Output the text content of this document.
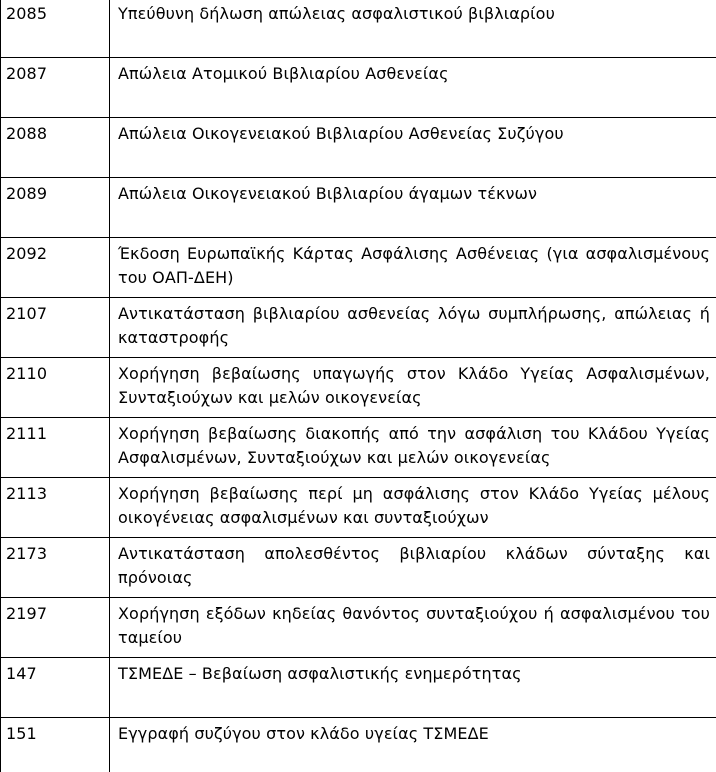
2085	Υπεύθυνη δήλωση απώλειας ασφαλιστικού βιβλιαρίου
2087	Απώλεια Ατομικού Βιβλιαρίου Ασθενείας
2088	Απώλεια Οικογενειακού Βιβλιαρίου Ασθενείας Συζύγου
2089	Απώλεια Οικογενειακού Βιβλιαρίου άγαμων τέκνων
2092	Έκδοση Ευρωπαϊκής Κάρτας Ασφάλισης Ασθένειας (για ασφαλισμένους του ΟΑΠ-ΔΕΗ)
2107	Αντικατάσταση βιβλιαρίου ασθενείας λόγω συμπλήρωσης, απώλειας ή καταστροφής
2110	Χορήγηση βεβαίωσης υπαγωγής στον Κλάδο Υγείας Ασφαλισμένων, Συνταξιούχων και μελών οικογενείας
2111	Χορήγηση βεβαίωσης διακοπής από την ασφάλιση του Κλάδου Υγείας Ασφαλισμένων, Συνταξιούχων και μελών οικογενείας
2113	Χορήγηση βεβαίωσης περί μη ασφάλισης στον Κλάδο Υγείας μέλους οικογένειας ασφαλισμένων και συνταξιούχων
2173	Αντικατάσταση απολεσθέντος βιβλιαρίου κλάδων σύνταξης και πρόνοιας
2197	Χορήγηση εξόδων κηδείας θανόντος συνταξιούχου ή ασφαλισμένου του ταμείου
147	ΤΣΜΕΔΕ – Βεβαίωση ασφαλιστικής ενημερότητας
151	Εγγραφή συζύγου στον κλάδο υγείας ΤΣΜΕΔΕ
